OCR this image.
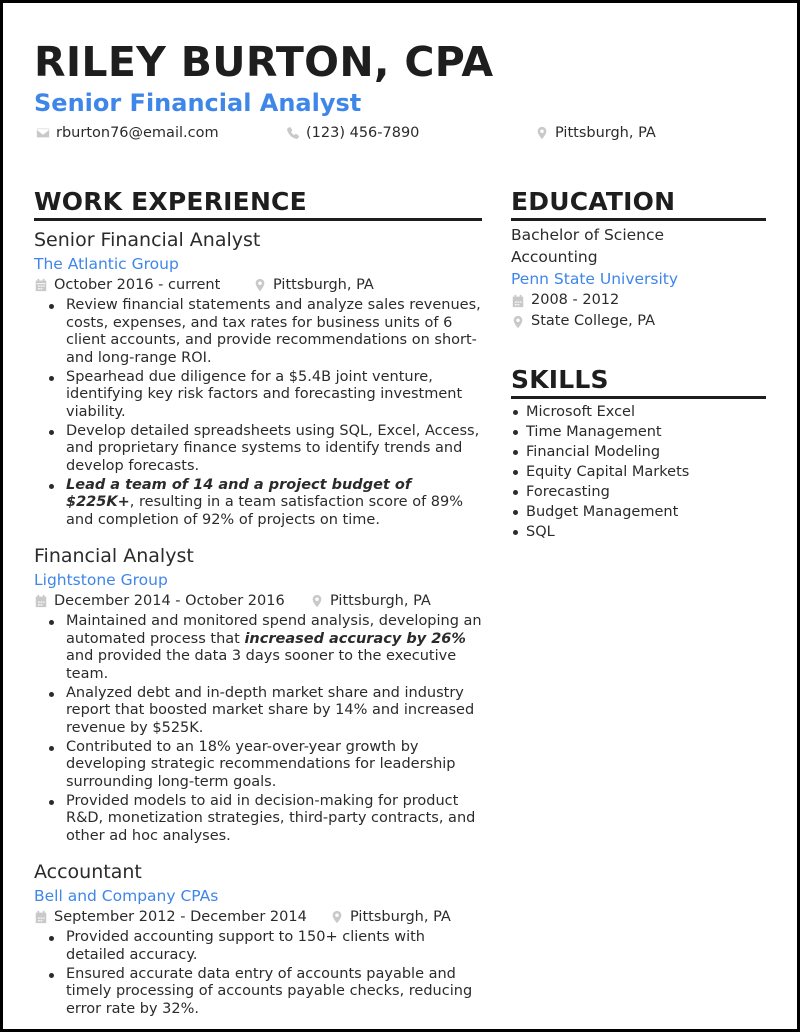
RILEY BURTON, CPA
Senior Financial Analyst
rburton76@email.com	(123) 456-7890	Pittsburgh, PA
WORK EXPERIENCE
Senior Financial Analyst
The Atlantic Group
October 2016 - current	Pittsburgh, PA
Review financial statements and analyze sales revenues, costs, expenses, and tax rates for business units of 6 client accounts, and provide recommendations on short- and long-range ROI.
Spearhead due diligence for a $5.4B joint venture, identifying key risk factors and forecasting investment viability.
Develop detailed spreadsheets using SQL, Excel, Access, and proprietary finance systems to identify trends and develop forecasts.
Lead a team of 14 and a project budget of $225K+, resulting in a team satisfaction score of 89% and completion of 92% of projects on time.
Financial Analyst
Lightstone Group
December 2014 - October 2016	Pittsburgh, PA
Maintained and monitored spend analysis, developing an automated process that increased accuracy by 26% and provided the data 3 days sooner to the executive team.
Analyzed debt and in-depth market share and industry report that boosted market share by 14% and increased revenue by $525K.
Contributed to an 18% year-over-year growth by developing strategic recommendations for leadership surrounding long-term goals.
Provided models to aid in decision-making for product R&D, monetization strategies, third-party contracts, and other ad hoc analyses.
Accountant
Bell and Company CPAs
September 2012 - December 2014	Pittsburgh, PA
Provided accounting support to 150+ clients with detailed accuracy.
Ensured accurate data entry of accounts payable and timely processing of accounts payable checks, reducing error rate by 32%.
EDUCATION
Bachelor of Science
Accounting
Penn State University
2008 - 2012
State College, PA
SKILLS
Microsoft Excel
Time Management
Financial Modeling
Equity Capital Markets
Forecasting
Budget Management
SQL
